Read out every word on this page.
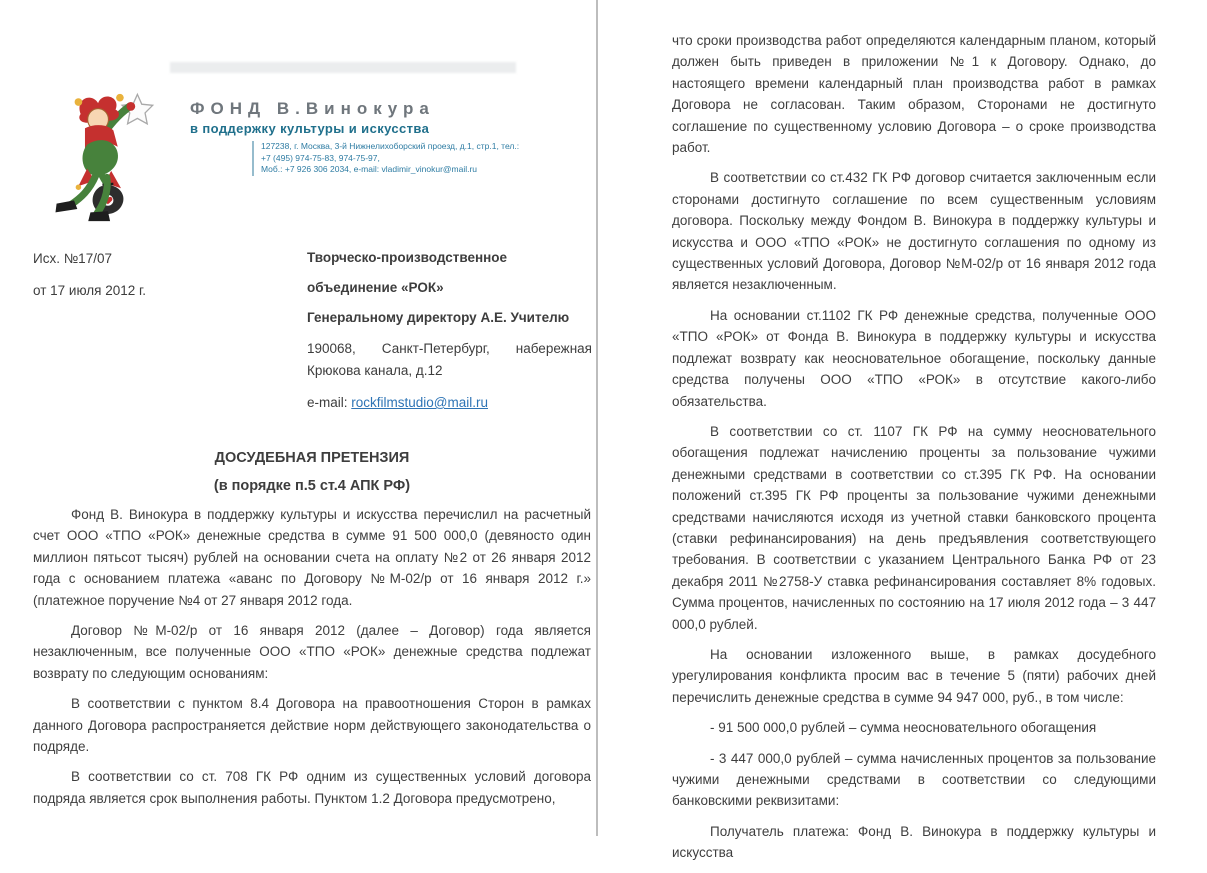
ФОНД В.Винокура
в поддержку культуры и искусства
127238, г. Москва, 3-й Нижнелихоборский проезд, д.1, стр.1, тел.: +7 (495) 974-75-83, 974-75-97,
Моб.: +7 926 306 2034, e-mail: vladimir_vinokur@mail.ru
Исх. №17/07
от 17 июля 2012 г.
Творческо-производственное
объединение «РОК»
Генеральному директору А.Е. Учителю
190068, Санкт-Петербург, набережная Крюкова канала, д.12
e-mail: rockfilmstudio@mail.ru
ДОСУДЕБНАЯ ПРЕТЕНЗИЯ
(в порядке п.5 ст.4 АПК РФ)

Фонд В. Винокура в поддержку культуры и искусства перечислил на расчетный счет ООО «ТПО «РОК» денежные средства в сумме 91 500 000,0 (девяносто один миллион пятьсот тысяч) рублей на основании счета на оплату №2 от 26 января 2012 года с основанием платежа «аванс по Договору №М-02/р от 16 января 2012 г.» (платежное поручение №4 от 27 января 2012 года.

Договор №М-02/р от 16 января 2012 (далее – Договор) года является незаключенным, все полученные ООО «ТПО «РОК» денежные средства подлежат возврату по следующим основаниям:

В соответствии с пунктом 8.4 Договора на правоотношения Сторон в рамках данного Договора распространяется действие норм действующего законодательства о подряде.

В соответствии со ст. 708 ГК РФ одним из существенных условий договора подряда является срок выполнения работы. Пунктом 1.2 Договора предусмотрено,

что сроки производства работ определяются календарным планом, который должен быть приведен в приложении №1 к Договору. Однако, до настоящего времени календарный план производства работ в рамках Договора не согласован. Таким образом, Сторонами не достигнуто соглашение по существенному условию Договора – о сроке производства работ.

В соответствии со ст.432 ГК РФ договор считается заключенным если сторонами достигнуто соглашение по всем существенным условиям договора. Поскольку между Фондом В. Винокура в поддержку культуры и искусства и ООО «ТПО «РОК» не достигнуто соглашения по одному из существенных условий Договора, Договор №М-02/р от 16 января 2012 года является незаключенным.

На основании ст.1102 ГК РФ денежные средства, полученные ООО «ТПО «РОК» от Фонда В. Винокура в поддержку культуры и искусства подлежат возврату как неосновательное обогащение, поскольку данные средства получены ООО «ТПО «РОК» в отсутствие какого-либо обязательства.

В соответствии со ст. 1107 ГК РФ на сумму неосновательного обогащения подлежат начислению проценты за пользование чужими денежными средствами в соответствии со ст.395 ГК РФ. На основании положений ст.395 ГК РФ проценты за пользование чужими денежными средствами начисляются исходя из учетной ставки банковского процента (ставки рефинансирования) на день предъявления соответствующего требования. В соответствии с указанием Центрального Банка РФ от 23 декабря 2011 №2758-У ставка рефинансирования составляет 8% годовых. Сумма процентов, начисленных по состоянию на 17 июля 2012 года – 3 447 000,0 рублей.

На основании изложенного выше, в рамках досудебного урегулирования конфликта просим вас в течение 5 (пяти) рабочих дней перечислить денежные средства в сумме 94 947 000, руб., в том числе:

- 91 500 000,0 рублей – сумма неосновательного обогащения

- 3 447 000,0 рублей – сумма начисленных процентов за пользование чужими денежными средствами в соответствии со следующими банковскими реквизитами:

Получатель платежа: Фонд В. Винокура в поддержку культуры и искусства
